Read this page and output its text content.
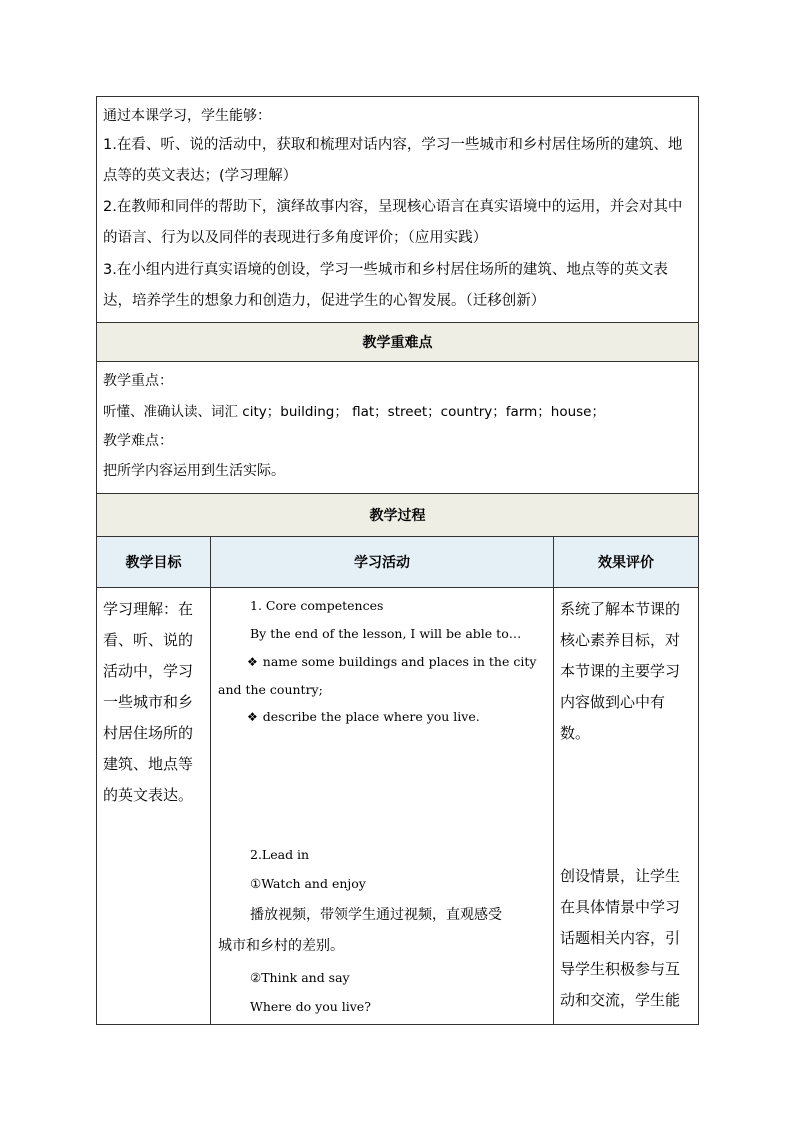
通过本课学习，学生能够：

1.在看、听、说的活动中，获取和梳理对话内容，学习一些城市和乡村居住场所的建筑、地点等的英文表达；(学习理解）

2.在教师和同伴的帮助下，演绎故事内容，呈现核心语言在真实语境中的运用，并会对其中的语言、行为以及同伴的表现进行多角度评价；（应用实践）

3.在小组内进行真实语境的创设，学习一些城市和乡村居住场所的建筑、地点等的英文表达，培养学生的想象力和创造力，促进学生的心智发展。（迁移创新）

教学重难点
教学重点：
听懂、准确认读、词汇 city；building； flat；street；country；farm；house；
教学难点：
把所学内容运用到生活实际。
教学过程
教学目标	学习活动	效果评价

学习理解：在看、听、说的活动中，学习一些城市和乡村居住场所的建筑、地点等的英文表达。

1. Core competences
By the end of the lesson, I will be able to…
❖ name some buildings and places in the city
and the country;
❖ describe the place where you live.
2.Lead in
①Watch and enjoy
播放视频，带领学生通过视频，直观感受
城市和乡村的差别。
②Think and say
Where do you live?

系统了解本节课的核心素养目标，对本节课的主要学习内容做到心中有数。

创设情景，让学生在具体情景中学习话题相关内容，引导学生积极参与互动和交流，学生能
